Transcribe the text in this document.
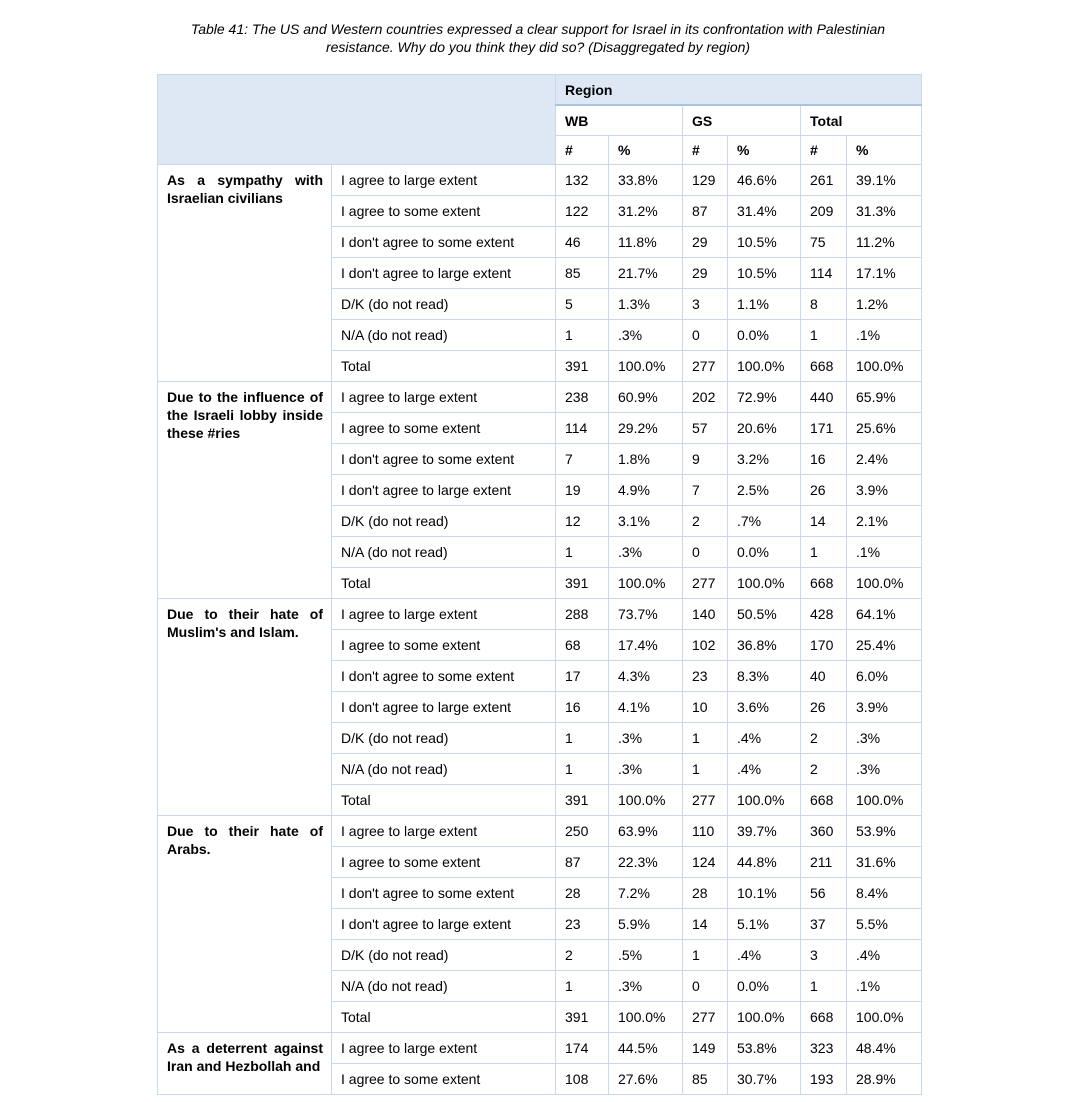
Table 41: The US and Western countries expressed a clear support for Israel in its confrontation with Palestinian
resistance. Why do you think they did so? (Disaggregated by region)
		Region					
		WB		GS		Total	
		#	%	#	%	#	%
As a sympathy with Israelian civilians	I agree to large extent	132	33.8%	129	46.6%	261	39.1%
	I agree to some extent	122	31.2%	87	31.4%	209	31.3%
	I don't agree to some extent	46	11.8%	29	10.5%	75	11.2%
	I don't agree to large extent	85	21.7%	29	10.5%	114	17.1%
	D/K (do not read)	5	1.3%	3	1.1%	8	1.2%
	N/A (do not read)	1	.3%	0	0.0%	1	.1%
	Total	391	100.0%	277	100.0%	668	100.0%
Due to the influence of the Israeli lobby inside these #ries	I agree to large extent	238	60.9%	202	72.9%	440	65.9%
	I agree to some extent	114	29.2%	57	20.6%	171	25.6%
	I don't agree to some extent	7	1.8%	9	3.2%	16	2.4%
	I don't agree to large extent	19	4.9%	7	2.5%	26	3.9%
	D/K (do not read)	12	3.1%	2	.7%	14	2.1%
	N/A (do not read)	1	.3%	0	0.0%	1	.1%
	Total	391	100.0%	277	100.0%	668	100.0%
Due to their hate of Muslim's and Islam.	I agree to large extent	288	73.7%	140	50.5%	428	64.1%
	I agree to some extent	68	17.4%	102	36.8%	170	25.4%
	I don't agree to some extent	17	4.3%	23	8.3%	40	6.0%
	I don't agree to large extent	16	4.1%	10	3.6%	26	3.9%
	D/K (do not read)	1	.3%	1	.4%	2	.3%
	N/A (do not read)	1	.3%	1	.4%	2	.3%
	Total	391	100.0%	277	100.0%	668	100.0%
Due to their hate of Arabs.	I agree to large extent	250	63.9%	110	39.7%	360	53.9%
	I agree to some extent	87	22.3%	124	44.8%	211	31.6%
	I don't agree to some extent	28	7.2%	28	10.1%	56	8.4%
	I don't agree to large extent	23	5.9%	14	5.1%	37	5.5%
	D/K (do not read)	2	.5%	1	.4%	3	.4%
	N/A (do not read)	1	.3%	0	0.0%	1	.1%
	Total	391	100.0%	277	100.0%	668	100.0%
As a deterrent against Iran and Hezbollah and	I agree to large extent	174	44.5%	149	53.8%	323	48.4%
	I agree to some extent	108	27.6%	85	30.7%	193	28.9%
